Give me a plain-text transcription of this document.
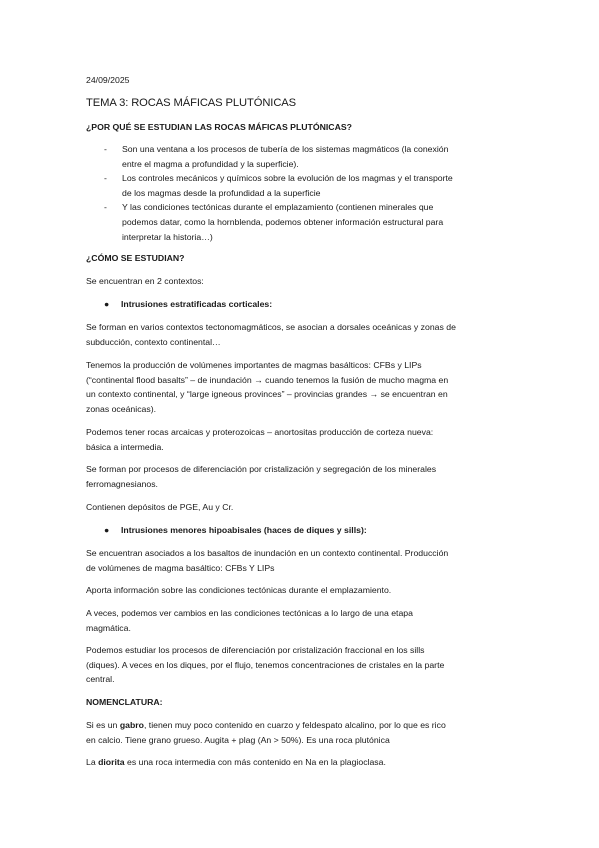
24/09/2025

TEMA 3: ROCAS MÁFICAS PLUTÓNICAS

¿POR QUÉ SE ESTUDIAN LAS ROCAS MÁFICAS PLUTÓNICAS?

- Son una ventana a los procesos de tubería de los sistemas magmáticos (la conexión
entre el magma a profundidad y la superficie).
- Los controles mecánicos y químicos sobre la evolución de los magmas y el transporte
de los magmas desde la profundidad a la superficie
- Y las condiciones tectónicas durante el emplazamiento (contienen minerales que
podemos datar, como la hornblenda, podemos obtener información estructural para
interpretar la historia…)

¿CÓMO SE ESTUDIAN?

Se encuentran en 2 contextos:

● Intrusiones estratificadas corticales:

Se forman en varios contextos tectonomagmáticos, se asocian a dorsales oceánicas y zonas de
subducción, contexto continental…

Tenemos la producción de volúmenes importantes de magmas basálticos: CFBs y LIPs
(“continental flood basalts” – de inundación → cuando tenemos la fusión de mucho magma en
un contexto continental, y “large igneous provinces” – provincias grandes → se encuentran en
zonas oceánicas).

Podemos tener rocas arcaicas y proterozoicas – anortositas producción de corteza nueva:
básica a intermedia.

Se forman por procesos de diferenciación por cristalización y segregación de los minerales
ferromagnesianos.

Contienen depósitos de PGE, Au y Cr.

● Intrusiones menores hipoabisales (haces de diques y sills):

Se encuentran asociados a los basaltos de inundación en un contexto continental. Producción
de volúmenes de magma basáltico: CFBs Y LIPs

Aporta información sobre las condiciones tectónicas durante el emplazamiento.

A veces, podemos ver cambios en las condiciones tectónicas a lo largo de una etapa
magmática.

Podemos estudiar los procesos de diferenciación por cristalización fraccional en los sills
(diques). A veces en los diques, por el flujo, tenemos concentraciones de cristales en la parte
central.

NOMENCLATURA:

Si es un gabro, tienen muy poco contenido en cuarzo y feldespato alcalino, por lo que es rico
en calcio. Tiene grano grueso. Augita + plag (An > 50%). Es una roca plutónica

La diorita es una roca intermedia con más contenido en Na en la plagioclasa.
